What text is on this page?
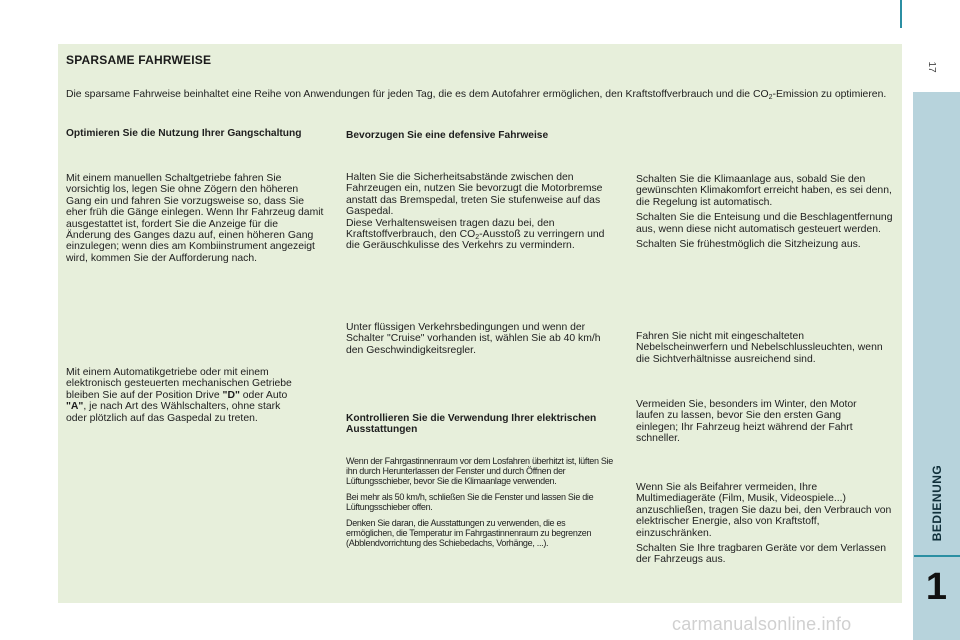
SPARSAME FAHRWEISE
Die sparsame Fahrweise beinhaltet eine Reihe von Anwendungen für jeden Tag, die es dem Autofahrer ermöglichen, den Kraftstoffverbrauch und die $CO_2$-Emission zu optimieren.

Optimieren Sie die Nutzung Ihrer Gangschaltung

Mit einem manuellen Schaltgetriebe fahren Sie vorsichtig los, legen Sie ohne Zögern den höheren Gang ein und fahren Sie vorzugsweise so, dass Sie eher früh die Gänge einlegen. Wenn Ihr Fahrzeug damit ausgestattet ist, fordert Sie die Anzeige für die Änderung des Ganges dazu auf, einen höheren Gang einzulegen; wenn dies am Kombiinstrument angezeigt wird, kommen Sie der Aufforderung nach.

Mit einem Automatikgetriebe oder mit einem elektronisch gesteuerten mechanischen Getriebe bleiben Sie auf der Position Drive "D" oder Auto "A", je nach Art des Wählschalters, ohne stark oder plötzlich auf das Gaspedal zu treten.

Bevorzugen Sie eine defensive Fahrweise

Halten Sie die Sicherheitsabstände zwischen den Fahrzeugen ein, nutzen Sie bevorzugt die Motorbremse anstatt das Bremspedal, treten Sie stufenweise auf das Gaspedal.

Diese Verhaltensweisen tragen dazu bei, den Kraftstoffverbrauch, den $CO_2$-Ausstoß zu verringern und die Geräuschkulisse des Verkehrs zu vermindern.

Unter flüssigen Verkehrsbedingungen und wenn der Schalter "Cruise" vorhanden ist, wählen Sie ab 40 km/h den Geschwindigkeitsregler.

Kontrollieren Sie die Verwendung Ihrer elektrischen Ausstattungen

Wenn der Fahrgastinnenraum vor dem Losfahren überhitzt ist, lüften Sie ihn durch Herunterlassen der Fenster und durch Öffnen der Lüftungsschieber, bevor Sie die Klimaanlage verwenden.

Bei mehr als 50 km/h, schließen Sie die Fenster und lassen Sie die Lüftungsschieber offen.

Denken Sie daran, die Ausstattungen zu verwenden, die es ermöglichen, die Temperatur im Fahrgastinnenraum zu begrenzen (Abblendvorrichtung des Schiebedachs, Vorhänge, ...).

Schalten Sie die Klimaanlage aus, sobald Sie den gewünschten Klimakomfort erreicht haben, es sei denn, die Regelung ist automatisch.

Schalten Sie die Enteisung und die Beschlagentfernung aus, wenn diese nicht automatisch gesteuert werden.

Schalten Sie frühestmöglich die Sitzheizung aus.

Fahren Sie nicht mit eingeschalteten Nebelscheinwerfern und Nebelschlussleuchten, wenn die Sichtverhältnisse ausreichend sind.

Vermeiden Sie, besonders im Winter, den Motor laufen zu lassen, bevor Sie den ersten Gang einlegen; Ihr Fahrzeug heizt während der Fahrt schneller.

Wenn Sie als Beifahrer vermeiden, Ihre Multimediageräte (Film, Musik, Videospiele...) anzuschließen, tragen Sie dazu bei, den Verbrauch von elektrischer Energie, also von Kraftstoff, einzuschränken.

Schalten Sie Ihre tragbaren Geräte vor dem Verlassen der Fahrzeugs aus.

17
BEDIENUNG
1
carmanualsonline.info
